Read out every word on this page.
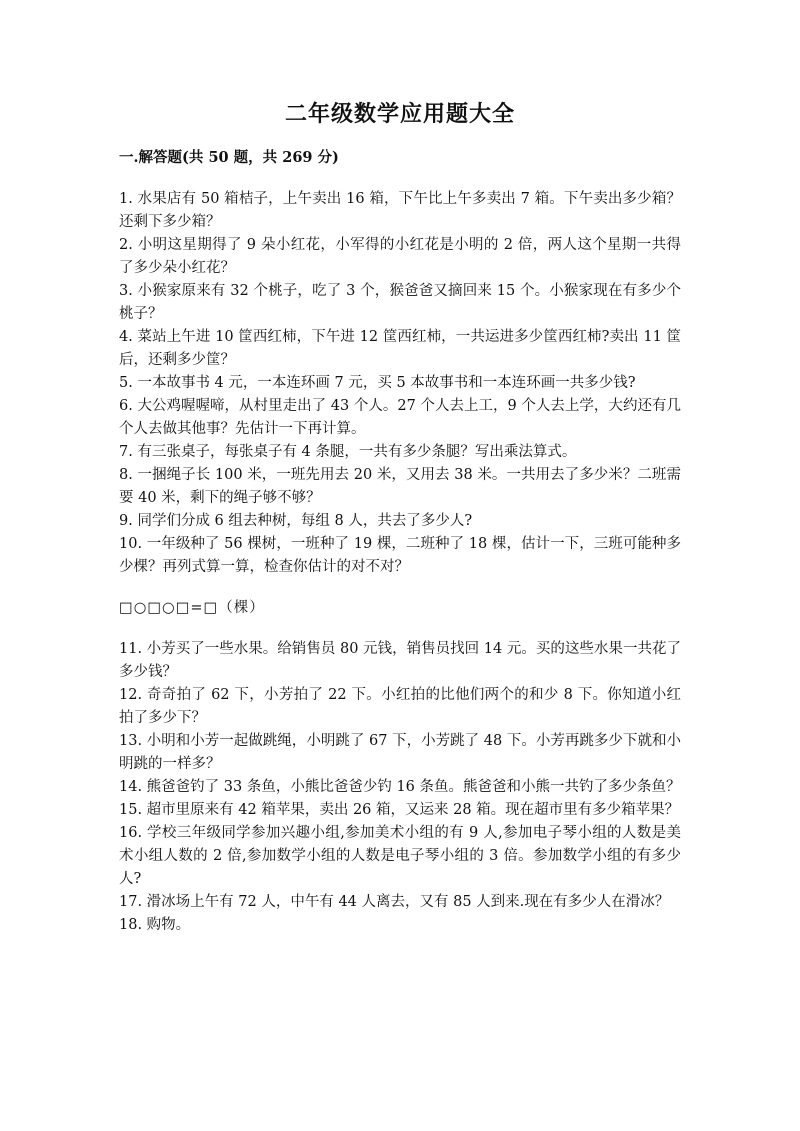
二年级数学应用题大全
一.解答题(共 50 题，共 269 分)
1. 水果店有 50 箱桔子，上午卖出 16 箱，下午比上午多卖出 7 箱。下午卖出多少箱？还剩下多少箱？
2. 小明这星期得了 9 朵小红花，小军得的小红花是小明的 2 倍，两人这个星期一共得了多少朵小红花？
3. 小猴家原来有 32 个桃子，吃了 3 个，猴爸爸又摘回来 15 个。小猴家现在有多少个桃子？
4. 菜站上午进 10 筐西红柿，下午进 12 筐西红柿，一共运进多少筐西红柿?卖出 11 筐后，还剩多少筐？
5. 一本故事书 4 元，一本连环画 7 元，买 5 本故事书和一本连环画一共多少钱?
6. 大公鸡喔喔啼，从村里走出了 43 个人。27 个人去上工，9 个人去上学，大约还有几个人去做其他事？先估计一下再计算。
7. 有三张桌子，每张桌子有 4 条腿，一共有多少条腿？写出乘法算式。
8. 一捆绳子长 100 米，一班先用去 20 米，又用去 38 米。一共用去了多少米？二班需要 40 米，剩下的绳子够不够？
9. 同学们分成 6 组去种树，每组 8 人，共去了多少人?
10. 一年级种了 56 棵树，一班种了 19 棵，二班种了 18 棵，估计一下，三班可能种多少棵？再列式算一算，检查你估计的对不对？

□○□○□=□（棵）

11. 小芳买了一些水果。给销售员 80 元钱，销售员找回 14 元。买的这些水果一共花了多少钱？
12. 奇奇拍了 62 下，小芳拍了 22 下。小红拍的比他们两个的和少 8 下。你知道小红拍了多少下？
13. 小明和小芳一起做跳绳，小明跳了 67 下，小芳跳了 48 下。小芳再跳多少下就和小明跳的一样多？
14. 熊爸爸钓了 33 条鱼，小熊比爸爸少钓 16 条鱼。熊爸爸和小熊一共钓了多少条鱼？
15. 超市里原来有 42 箱苹果，卖出 26 箱，又运来 28 箱。现在超市里有多少箱苹果？
16. 学校三年级同学参加兴趣小组,参加美术小组的有 9 人,参加电子琴小组的人数是美术小组人数的 2 倍,参加数学小组的人数是电子琴小组的 3 倍。参加数学小组的有多少人?
17. 滑冰场上午有 72 人，中午有 44 人离去，又有 85 人到来.现在有多少人在滑冰？
18. 购物。
